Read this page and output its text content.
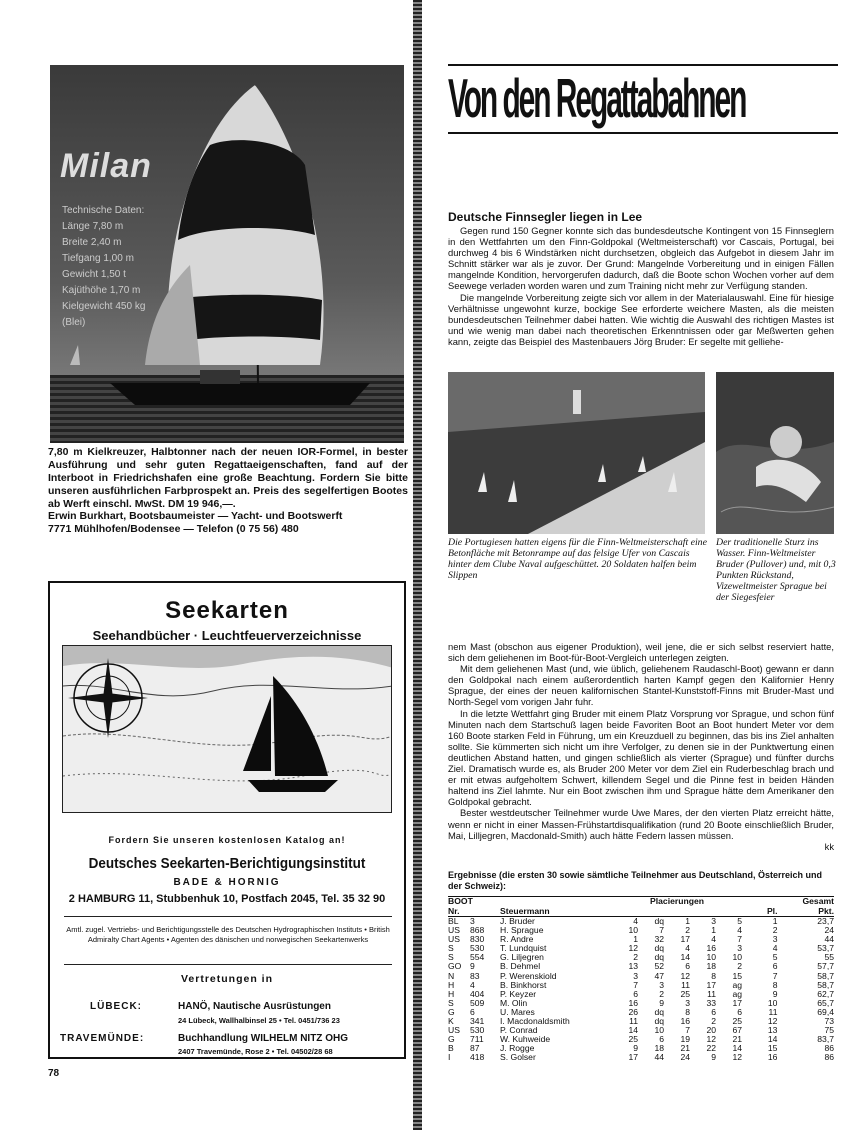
Milan
Technische Daten:
Länge 7,80 m
Breite 2,40 m
Tiefgang 1,00 m
Gewicht 1,50 t
Kajüthöhe 1,70 m
Kielgewicht 450 kg
(Blei)
7,80 m Kielkreuzer, Halbtonner nach der neuen IOR-Formel, in bester Ausführung und sehr guten Regattaeigenschaften, fand auf der Interboot in Friedrichshafen eine große Beachtung. Fordern Sie bitte unseren ausführlichen Farbprospekt an. Preis des segelfertigen Bootes ab Werft einschl. MwSt. DM 19 946,—.
Erwin Burkhart, Bootsbaumeister — Yacht- und Bootswerft
7771 Mühlhofen/Bodensee — Telefon (0 75 56) 480
Seekarten
Seehandbücher · Leuchtfeuerverzeichnisse
Fordern Sie unseren kostenlosen Katalog an!
Deutsches Seekarten-Berichtigungsinstitut
BADE & HORNIG
2 HAMBURG 11, Stubbenhuk 10, Postfach 2045, Tel. 35 32 90
Amtl. zugel. Vertriebs- und Berichtigungsstelle des Deutschen Hydrographischen Instituts • British Admiralty Chart Agents • Agenten des dänischen und norwegischen Seekartenwerks
Vertretungen in
LÜBECK:	HANÖ, Nautische Ausrüstungen
24 Lübeck, Wallhalbinsel 25 • Tel. 0451/736 23
TRAVEMÜNDE:	Buchhandlung WILHELM NITZ OHG
2407 Travemünde, Rose 2 • Tel. 04502/28 68
78
Von den Regattabahnen
Deutsche Finnsegler liegen in Lee

Gegen rund 150 Gegner konnte sich das bundesdeutsche Kontingent von 15 Finnseglern in den Wettfahrten um den Finn-Goldpokal (Weltmeisterschaft) vor Cascais, Portugal, bei durchweg 4 bis 6 Windstärken nicht durchsetzen, obgleich das Aufgebot in diesem Jahr im Schnitt stärker war als je zuvor. Der Grund: Mangelnde Vorbereitung und in einigen Fällen mangelnde Kondition, hervorgerufen dadurch, daß die Boote schon Wochen vorher auf dem Seewege verladen worden waren und zum Training nicht mehr zur Verfügung standen.

Die mangelnde Vorbereitung zeigte sich vor allem in der Materialauswahl. Eine für hiesige Verhältnisse ungewohnt kurze, bockige See erforderte weichere Masten, als die meisten bundesdeutschen Teilnehmer dabei hatten. Wie wichtig die Auswahl des richtigen Mastes ist und wie wenig man dabei nach theoretischen Erkenntnissen oder gar Meßwerten gehen kann, zeigte das Beispiel des Mastenbauers Jörg Bruder: Er segelte mit gelliehe-

Die Portugiesen hatten eigens für die Finn-Weltmeisterschaft eine Betonfläche mit Betonrampe auf das felsige Ufer von Cascais hinter dem Clube Naval aufgeschüttet. 20 Soldaten halfen beim Slippen
Der traditionelle Sturz ins Wasser. Finn-Weltmeister Bruder (Pullover) und, mit 0,3 Punkten Rückstand, Vizeweltmeister Sprague bei der Siegesfeier
nem Mast (obschon aus eigener Produktion), weil jene, die er sich selbst reserviert hatte, sich dem geliehenen im Boot-für-Boot-Vergleich unterlegen zeigten.

Mit dem geliehenen Mast (und, wie üblich, geliehenem Raudaschl-Boot) gewann er dann den Goldpokal nach einem außerordentlich harten Kampf gegen den Kalifornier Henry Sprague, der eines der neuen kalifornischen Stantel-Kunststoff-Finns mit Bruder-Mast und North-Segel vom vorigen Jahr fuhr.

In die letzte Wettfahrt ging Bruder mit einem Platz Vorsprung vor Sprague, und schon fünf Minuten nach dem Startschuß lagen beide Favoriten Boot an Boot hundert Meter vor dem 160 Boote starken Feld in Führung, um ein Kreuzduell zu beginnen, das bis ins Ziel anhalten sollte. Sie kümmerten sich nicht um ihre Verfolger, zu denen sie in der Punktwertung einen deutlichen Abstand hatten, und gingen schließlich als vierter (Sprague) und fünfter durchs Ziel. Dramatisch wurde es, als Bruder 200 Meter vor dem Ziel ein Ruderbeschlag brach und er mit etwas aufgeholtem Schwert, killendem Segel und die Pinne fest in beiden Händen haltend ins Ziel lahmte. Nur ein Boot zwischen ihm und Sprague hätte dem Amerikaner den Goldpokal gebracht.

Bester westdeutscher Teilnehmer wurde Uwe Mares, der den vierten Platz erreicht hätte, wenn er nicht in einer Massen-Frühstartdisqualifikation (rund 20 Boote einschließlich Bruder, Mai, Lilljegren, Macdonald-Smith) auch hätte Federn lassen müssen.

kk
Ergebnisse (die ersten 30 sowie sämtliche Teilnehmer aus Deutschland, Österreich und der Schweiz):
BOOT			Placierungen					Gesamt	
Nr.		Steuermann						Pl.	Pkt.
BL	3	J. Bruder	4	dq	1	3	5	1	23,7
US	868	H. Sprague	10	7	2	1	4	2	24
US	830	R. Andre	1	32	17	4	7	3	44
S	530	T. Lundquist	12	dq	4	16	3	4	53,7
S	554	G. Liljegren	2	dq	14	10	10	5	55
GO	9	B. Dehmel	13	52	6	18	2	6	57,7
N	83	P. Werenskiold	3	47	12	8	15	7	58,7
H	4	B. Binkhorst	7	3	11	17	ag	8	58,7
H	404	P. Keyzer	6	2	25	11	ag	9	62,7
S	509	M. Olin	16	9	3	33	17	10	65,7
G	6	U. Mares	26	dq	8	6	6	11	69,4
K	341	I. Macdonaldsmith	11	dq	16	2	25	12	73
US	530	P. Conrad	14	10	7	20	67	13	75
G	711	W. Kuhweide	25	6	19	12	21	14	83,7
B	87	J. Rogge	9	18	21	22	14	15	86
I	418	S. Golser	17	44	24	9	12	16	86
